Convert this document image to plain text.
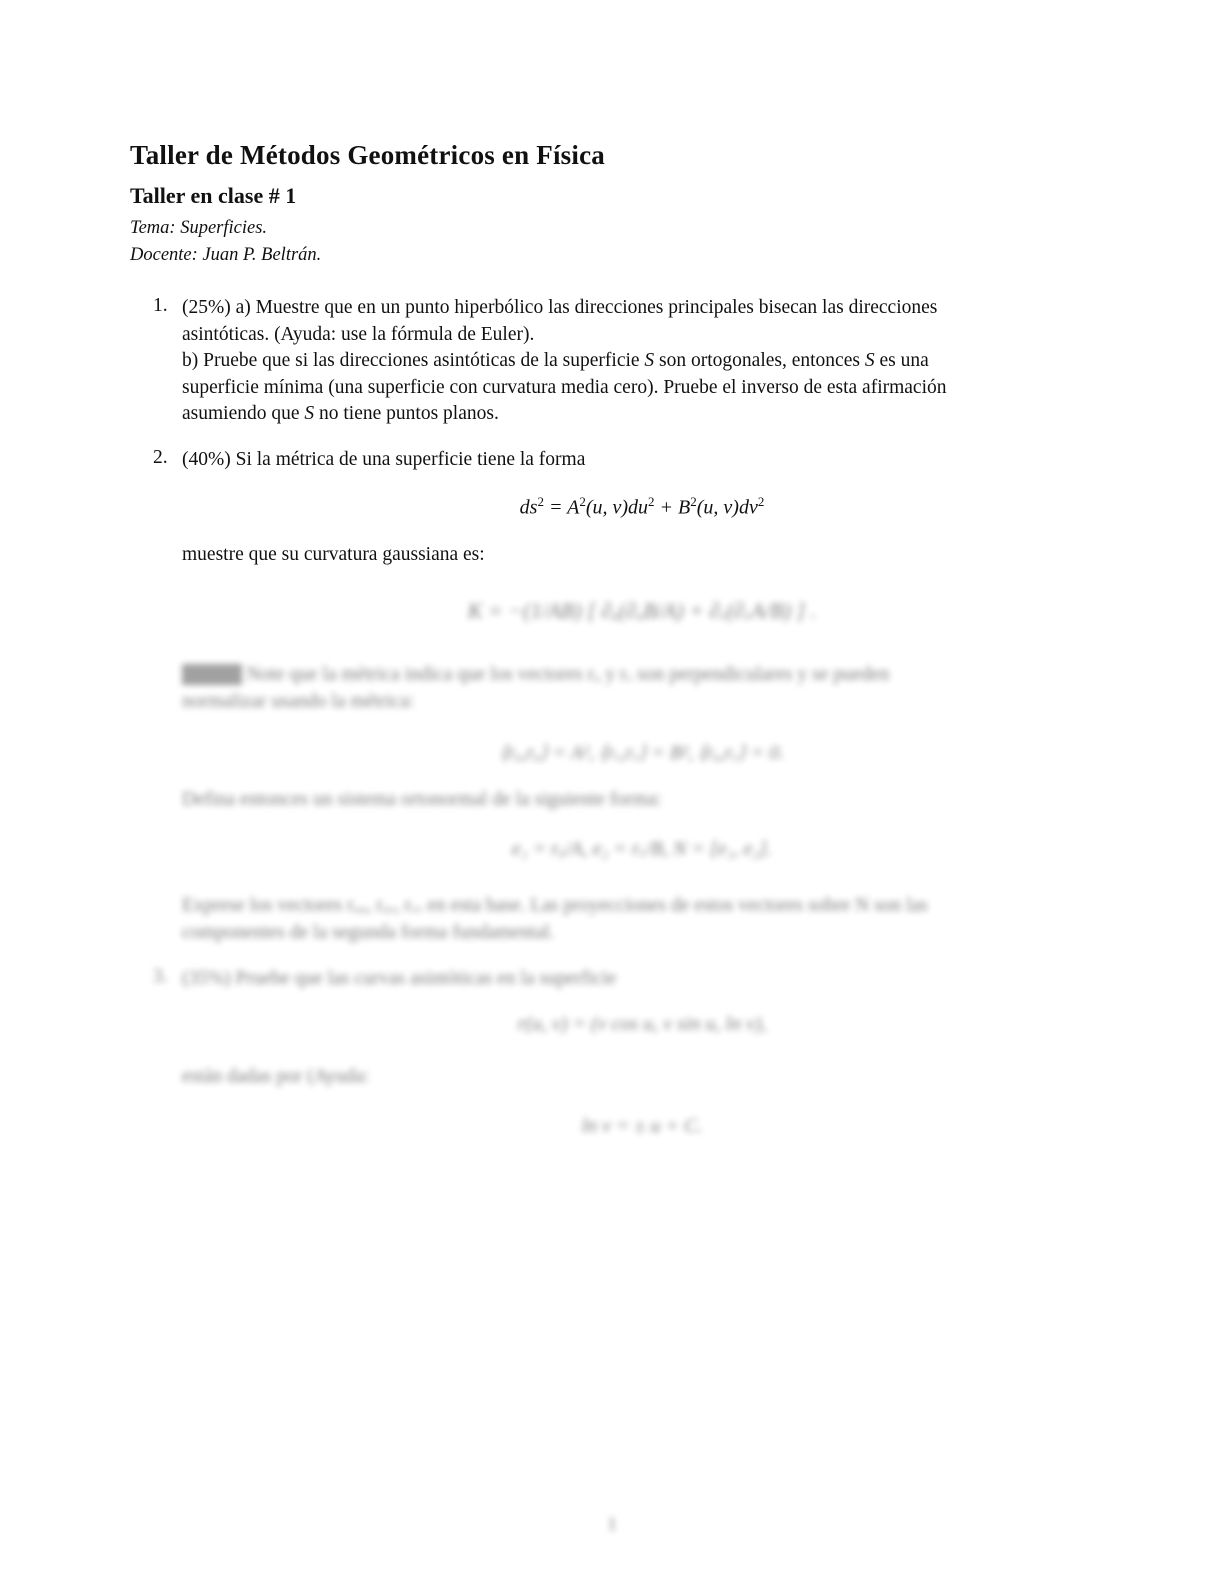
Taller de Métodos Geométricos en Física
Taller en clase # 1
Tema: Superficies.
Docente: Juan P. Beltrán.
1. (25%) a) Muestre que en un punto hiperbólico las direcciones principales bisecan las direcciones
asintóticas. (Ayuda: use la fórmula de Euler).
b) Pruebe que si las direcciones asintóticas de la superficie S son ortogonales, entonces S es una
superficie mínima (una superficie con curvatura media cero). Pruebe el inverso de esta afirmación
asumiendo que S no tiene puntos planos.
2. (40%) Si la métrica de una superficie tiene la forma
$ds^2 = A^2(u$, $v)du^2 + B^2(u$, $v)dv^2$
muestre que su curvatura gaussiana es:
K = −(1/AB) [ ∂ᵤ(∂ᵤB/A) + ∂ᵥ(∂ᵥA/B) ] .
Ayuda: Note que la métrica indica que los vectores rᵤ y rᵥ son perpendiculares y se pueden
normalizar usando la métrica:
⟨rᵤ,rᵤ⟩ = A², ⟨rᵥ,rᵥ⟩ = B², ⟨rᵤ,rᵥ⟩ = 0.
Defina entonces un sistema ortonormal de la siguiente forma:
e₁ = rᵤ/A, e₂ = rᵥ/B, N = [e₁, e₂].
Exprese los vectores rᵤᵤ, rᵤᵥ, rᵥᵥ en esta base. Las proyecciones de estos vectores sobre N son las
componentes de la segunda forma fundamental.
3. (35%) Pruebe que las curvas asintóticas en la superficie
r(u, v) = (v cos u, v sin u, ln v),
están dadas por (Ayuda:
ln v = ± u + C.
1
